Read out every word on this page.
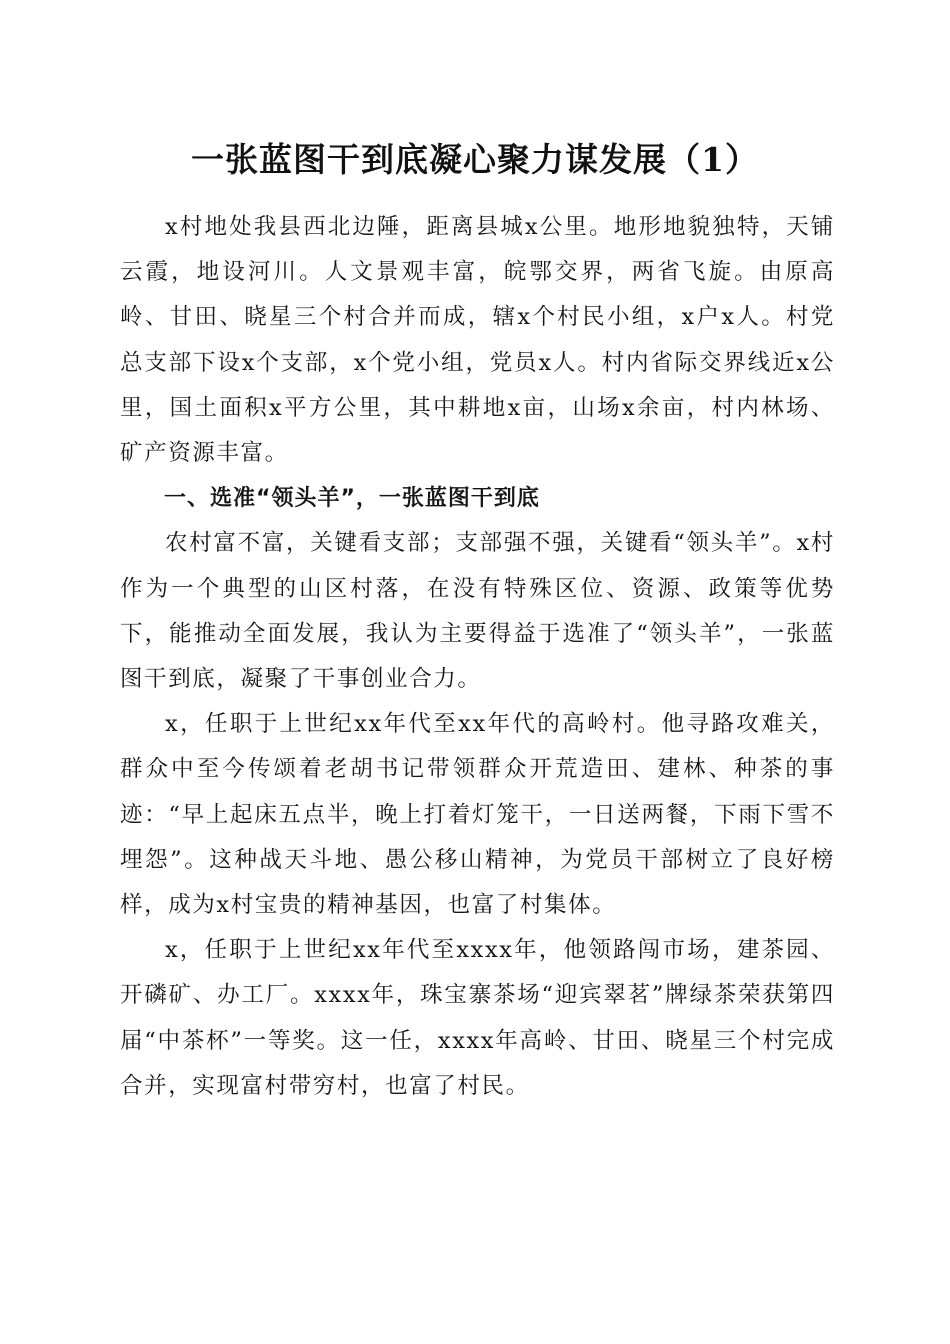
一张蓝图干到底凝心聚力谋发展（1）

x村地处我县西北边陲，距离县城x公里。地形地貌独特，天铺云霞，地设河川。人文景观丰富，皖鄂交界，两省飞旋。由原高岭、甘田、晓星三个村合并而成，辖x个村民小组，x户x人。村党总支部下设x个支部，x个党小组，党员x人。村内省际交界线近x公里，国土面积x平方公里，其中耕地x亩，山场x余亩，村内林场、矿产资源丰富。

一、选准“领头羊”，一张蓝图干到底

农村富不富，关键看支部；支部强不强，关键看“领头羊”。x村作为一个典型的山区村落，在没有特殊区位、资源、政策等优势下，能推动全面发展，我认为主要得益于选准了“领头羊”，一张蓝图干到底，凝聚了干事创业合力。

x，任职于上世纪xx年代至xx年代的高岭村。他寻路攻难关，群众中至今传颂着老胡书记带领群众开荒造田、建林、种茶的事迹：“早上起床五点半，晚上打着灯笼干，一日送两餐，下雨下雪不埋怨”。这种战天斗地、愚公移山精神，为党员干部树立了良好榜样，成为x村宝贵的精神基因，也富了村集体。

x，任职于上世纪xx年代至xxxx年，他领路闯市场，建茶园、开磷矿、办工厂。xxxx年，珠宝寨茶场“迎宾翠茗”牌绿茶荣获第四届“中茶杯”一等奖。这一任，xxxx年高岭、甘田、晓星三个村完成合并，实现富村带穷村，也富了村民。
